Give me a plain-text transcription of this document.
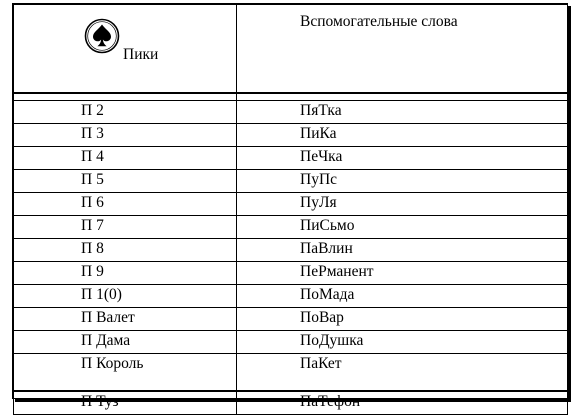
Пики	Вспомогательные слова

П 2	ПяТка
П 3	ПиКа
П 4	ПеЧка
П 5	ПуПс
П 6	ПуЛя
П 7	ПиСьмо
П 8	ПаВлин
П 9	ПеРманент
П 1(0)	ПоМада
П Валет	ПоВар
П Дама	ПоДушка
П Король	ПаКет
П Туз	ПаТефон
